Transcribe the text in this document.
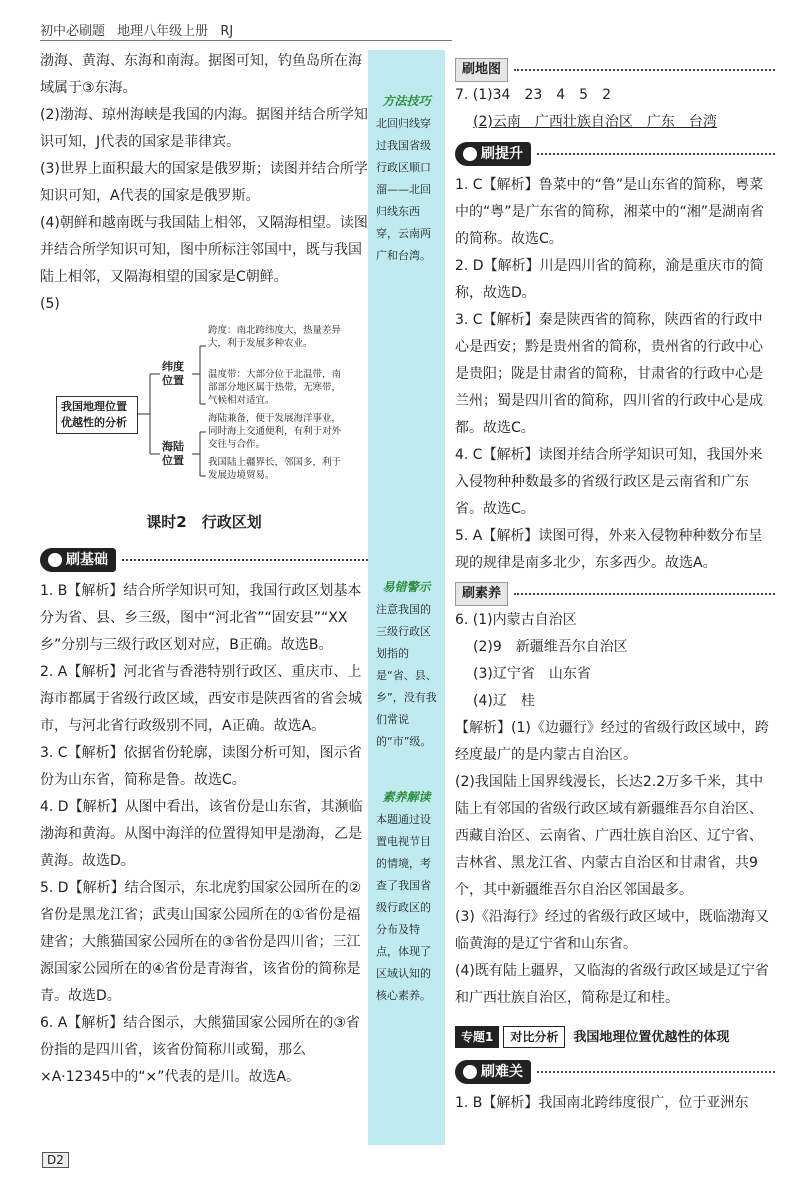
初中必刷题 地理八年级上册 RJ

渤海、黄海、东海和南海。据图可知，钓鱼岛所在海域属于③东海。

(2)渤海、琼州海峡是我国的内海。据图并结合所学知识可知，J代表的国家是菲律宾。

(3)世界上面积最大的国家是俄罗斯；读图并结合所学知识可知，A代表的国家是俄罗斯。

(4)朝鲜和越南既与我国陆上相邻，又隔海相望。读图并结合所学知识可知，图中所标注邻国中，既与我国陆上相邻，又隔海相望的国家是C朝鲜。

(5)

我国地理位置优越性的分析
纬度位置
海陆位置
跨度：南北跨纬度大，热量差异大，利于发展多种农业。
温度带：大部分位于北温带，南部部分地区属于热带，无寒带，气候相对适宜。
海陆兼备，便于发展海洋事业，同时海上交通便利，有利于对外交往与合作。
我国陆上疆界长，邻国多，利于发展边境贸易。
课时2　行政区划
刷基础

1. B【解析】结合所学知识可知，我国行政区划基本分为省、县、乡三级，图中“河北省”“固安县”“XX乡”分别与三级行政区划对应，B正确。故选B。

2. A【解析】河北省与香港特别行政区、重庆市、上海市都属于省级行政区域，西安市是陕西省的省会城市，与河北省行政级别不同，A正确。故选A。

3. C【解析】依据省份轮廓，读图分析可知，图示省份为山东省，简称是鲁。故选C。

4. D【解析】从图中看出，该省份是山东省，其濒临渤海和黄海。从图中海洋的位置得知甲是渤海，乙是黄海。故选D。

5. D【解析】结合图示，东北虎豹国家公园所在的②省份是黑龙江省；武夷山国家公园所在的①省份是福建省；大熊猫国家公园所在的③省份是四川省；三江源国家公园所在的④省份是青海省，该省份的简称是青。故选D。

6. A【解析】结合图示，大熊猫国家公园所在的③省份指的是四川省，该省份简称川或蜀，那么×A·12345中的“×”代表的是川。故选A。

方法技巧
北回归线穿过我国省级行政区顺口溜——北回归线东西穿，云南两广和台湾。
易错警示
注意我国的三级行政区划指的是“省、县、乡”，没有我们常说的“市”级。
素养解读
本题通过设置电视节目的情境，考查了我国省级行政区的分布及特点，体现了区域认知的核心素养。
刷地图

7. (1)34　23　4　5　2

(2)云南　广西壮族自治区　广东　台湾

刷提升

1. C【解析】鲁菜中的“鲁”是山东省的简称，粤菜中的“粤”是广东省的简称，湘菜中的“湘”是湖南省的简称。故选C。

2. D【解析】川是四川省的简称，渝是重庆市的简称，故选D。

3. C【解析】秦是陕西省的简称，陕西省的行政中心是西安；黔是贵州省的简称，贵州省的行政中心是贵阳；陇是甘肃省的简称，甘肃省的行政中心是兰州；蜀是四川省的简称，四川省的行政中心是成都。故选C。

4. C【解析】读图并结合所学知识可知，我国外来入侵物种种数最多的省级行政区是云南省和广东省。故选C。

5. A【解析】读图可得，外来入侵物种种数分布呈现的规律是南多北少，东多西少。故选A。

刷素养

6. (1)内蒙古自治区

(2)9　新疆维吾尔自治区

(3)辽宁省　山东省

(4)辽　桂

【解析】(1)《边疆行》经过的省级行政区域中，跨经度最广的是内蒙古自治区。

(2)我国陆上国界线漫长，长达2.2万多千米，其中陆上有邻国的省级行政区域有新疆维吾尔自治区、西藏自治区、云南省、广西壮族自治区、辽宁省、吉林省、黑龙江省、内蒙古自治区和甘肃省，共9个，其中新疆维吾尔自治区邻国最多。

(3)《沿海行》经过的省级行政区域中，既临渤海又临黄海的是辽宁省和山东省。

(4)既有陆上疆界，又临海的省级行政区域是辽宁省和广西壮族自治区，简称是辽和桂。

专题1	对比分析	我国地理位置优越性的体现
刷难关

1. B【解析】我国南北跨纬度很广，位于亚洲东

D2
